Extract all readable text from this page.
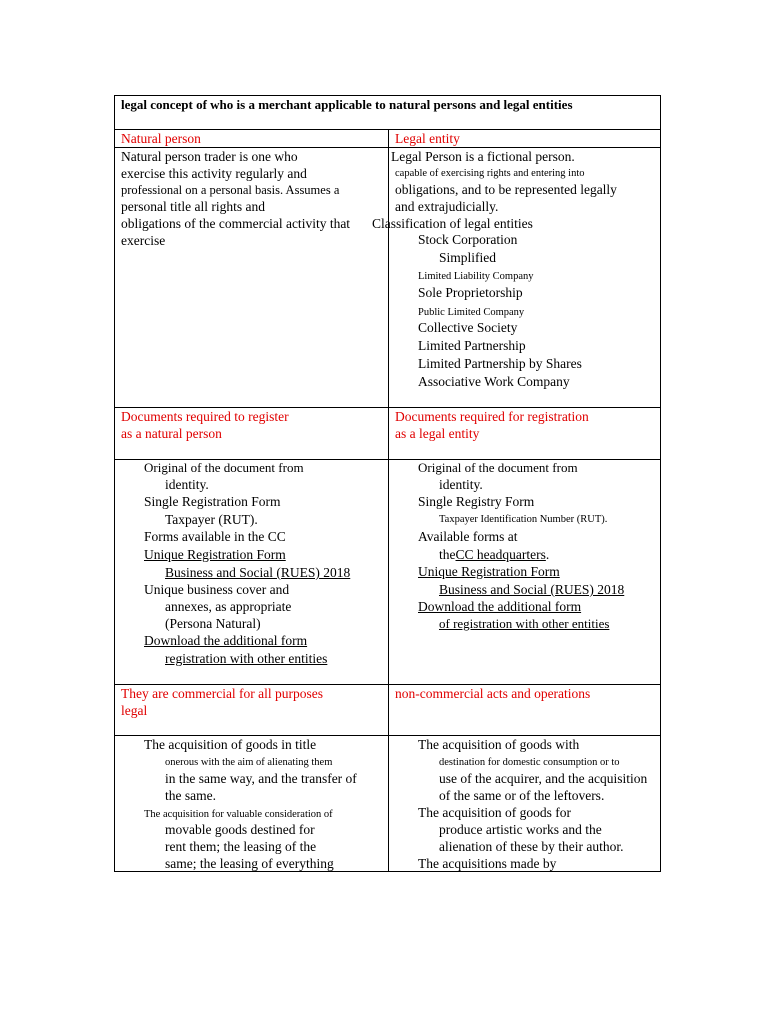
legal concept of who is a merchant applicable to natural persons and legal entities
Natural person	Legal entity
Natural person trader is one who
exercise this activity regularly and
professional on a personal basis. Assumes a
personal title all rights and
obligations of the commercial activity that
exercise
Legal Person is a fictional person.
capable of exercising rights and entering into
obligations, and to be represented legally
and extrajudicially.
Classification of legal entities
Stock Corporation
Simplified
Limited Liability Company
Sole Proprietorship
Public Limited Company
Collective Society
Limited Partnership
Limited Partnership by Shares
Associative Work Company
Documents required to register
as a natural person
Documents required for registration
as a legal entity
Original of the document from
identity.
Single Registration Form
Taxpayer (RUT).
Forms available in the CC
Unique Registration Form
Business and Social (RUES) 2018
Unique business cover and
annexes, as appropriate
(Persona Natural)
Download the additional form
registration with other entities
Original of the document from
identity.
Single Registry Form
Taxpayer Identification Number (RUT).
Available forms at
theCC headquarters.
Unique Registration Form
Business and Social (RUES) 2018
Download the additional form
of registration with other entities
They are commercial for all purposes
legal
non-commercial acts and operations
The acquisition of goods in title
onerous with the aim of alienating them
in the same way, and the transfer of
the same.
The acquisition for valuable consideration of
movable goods destined for
rent them; the leasing of the
same; the leasing of everything
The acquisition of goods with
destination for domestic consumption or to
use of the acquirer, and the acquisition
of the same or of the leftovers.
The acquisition of goods for
produce artistic works and the
alienation of these by their author.
The acquisitions made by
